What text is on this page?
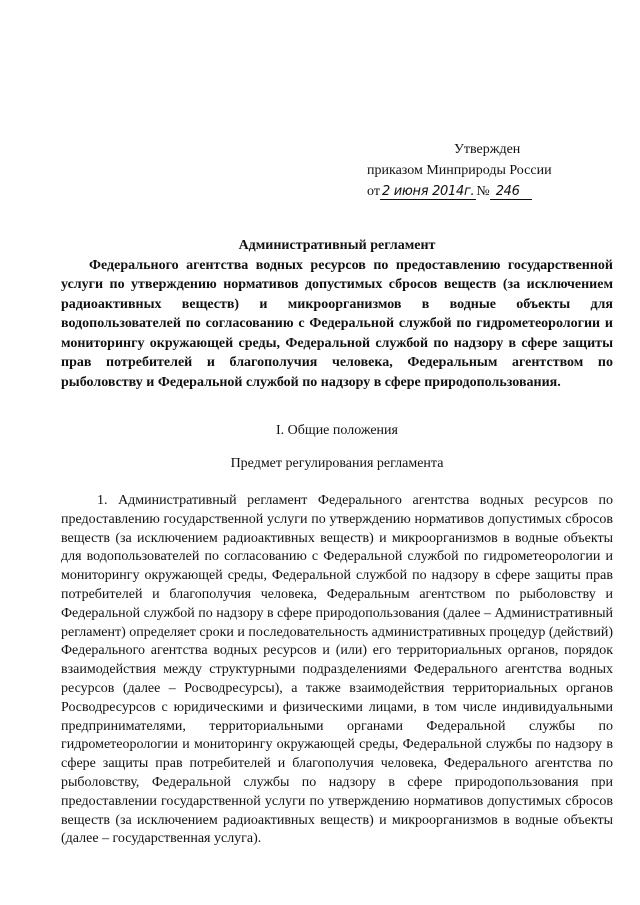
Утвержден
приказом Минприроды России
от 2 июня 2014г. № 246
Административный регламент
Федерального агентства водных ресурсов по предоставлению государственной услуги по утверждению нормативов допустимых сбросов веществ (за исключением радиоактивных веществ) и микроорганизмов в водные объекты для водопользователей по согласованию с Федеральной службой по гидрометеорологии и мониторингу окружающей среды, Федеральной службой по надзору в сфере защиты прав потребителей и благополучия человека, Федеральным агентством по рыболовству и Федеральной службой по надзору в сфере природопользования.
I. Общие положения
Предмет регулирования регламента

1. Административный регламент Федерального агентства водных ресурсов по предоставлению государственной услуги по утверждению нормативов допустимых сбросов веществ (за исключением радиоактивных веществ) и микроорганизмов в водные объекты для водопользователей по согласованию с Федеральной службой по гидрометеорологии и мониторингу окружающей среды, Федеральной службой по надзору в сфере защиты прав потребителей и благополучия человека, Федеральным агентством по рыболовству и Федеральной службой по надзору в сфере природопользования (далее – Административный регламент) определяет сроки и последовательность административных процедур (действий) Федерального агентства водных ресурсов и (или) его территориальных органов, порядок взаимодействия между структурными подразделениями Федерального агентства водных ресурсов (далее – Росводресурсы), а также взаимодействия территориальных органов Росводресурсов с юридическими и физическими лицами, в том числе индивидуальными предпринимателями, территориальными органами Федеральной службы по гидрометеорологии и мониторингу окружающей среды, Федеральной службы по надзору в сфере защиты прав потребителей и благополучия человека, Федерального агентства по рыболовству, Федеральной службы по надзору в сфере природопользования при предоставлении государственной услуги по утверждению нормативов допустимых сбросов веществ (за исключением радиоактивных веществ) и микроорганизмов в водные объекты (далее – государственная услуга).
